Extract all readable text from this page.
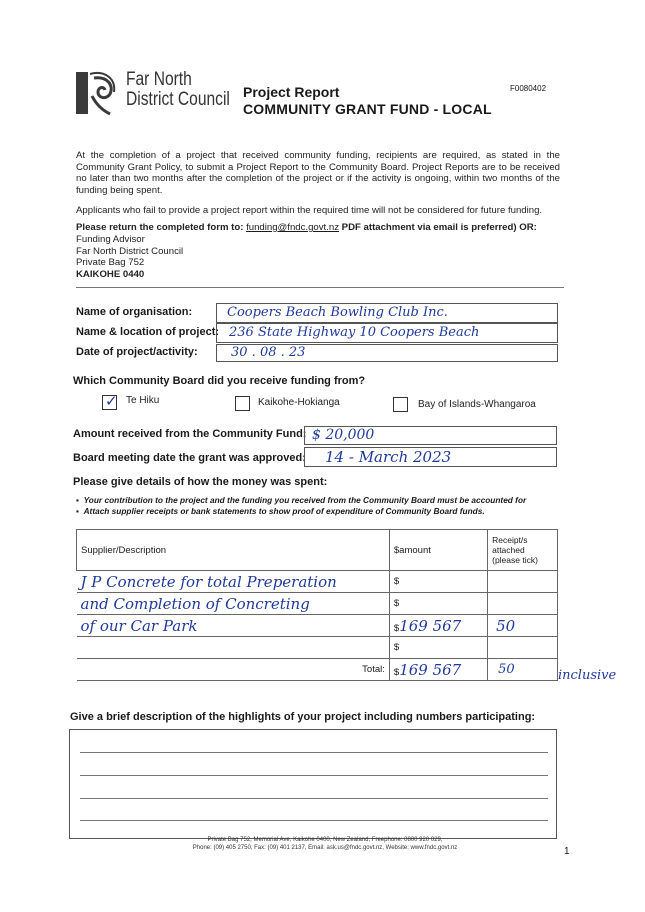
Far North
District Council Project Report
COMMUNITY GRANT FUND - LOCAL
F0080402
At the completion of a project that received community funding, recipients are required, as stated in the Community Grant Policy, to submit a Project Report to the Community Board. Project Reports are to be received no later than two months after the completion of the project or if the activity is ongoing, within two months of the funding being spent.
Applicants who fail to provide a project report within the required time will not be considered for future funding.
Please return the completed form to: funding@fndc.govt.nz PDF attachment via email is preferred) OR:
Funding Advisor
Far North District Council
Private Bag 752
KAIKOHE 0440
Name of organisation:	Coopers Beach Bowling Club Inc.
Name & location of project: 236 State Highway 10 Coopers Beach
Date of project/activity:	30 . 08 . 23
Which Community Board did you receive funding from?
✓ Te Hiku	Kaikohe-Hokianga	Bay of Islands-Whangaroa
Amount received from the Community Fund: $ 20,000
Board meeting date the grant was approved: 14 - March 2023
Please give details of how the money was spent:
▪  Your contribution to the project and the funding you received from the Community Board must be accounted for
▪  Attach supplier receipts or bank statements to show proof of expenditure of Community Board funds.
Supplier/Description	$amount	Receipt/s attached (please tick)
J P Concrete for total Preperation	$	
and Completion of Concreting	$	
of our Car Park	$169 567	50
	$	
Total:	$169 567	50	inclusive
Give a brief description of the highlights of your project including numbers participating:
Private Bag 752, Memorial Ave, Kaikohe 0400, New Zealand, Freephone: 0800 920 029,
Phone: (09) 405 2750, Fax: (09) 401 2137, Email: ask.us@fndc.govt.nz, Website: www.fndc.govt.nz	1
